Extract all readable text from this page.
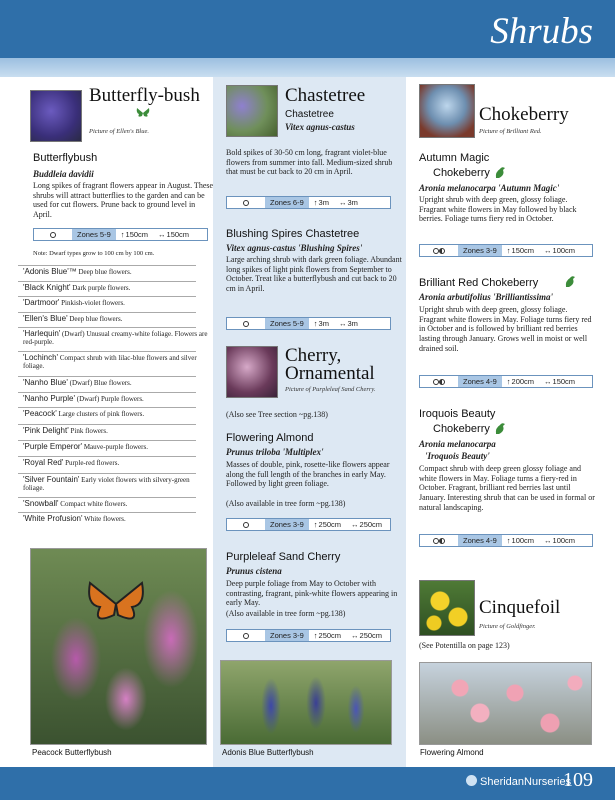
Shrubs
Butterfly-bush
Picture of Ellen's Blue.
Butterflybush
Buddleia davidii
Long spikes of fragrant flowers appear in August. These shrubs will attract butterflies to the garden and can be used for cut flowers. Prune back to ground level in April.
Zones 5-9	↑ 150cm	↔ 150cm
Note: Dwarf types grow to 100 cm by 100 cm.
'Adonis Blue'™ Deep blue flowers.
'Black Knight' Dark purple flowers.
'Dartmoor' Pinkish-violet flowers.
'Ellen's Blue' Deep blue flowers.
'Harlequin' (Dwarf) Unusual creamy-white foliage. Flowers are red-purple.
'Lochinch' Compact shrub with lilac-blue flowers and silver foliage.
'Nanho Blue' (Dwarf) Blue flowers.
'Nanho Purple' (Dwarf) Purple flowers.
'Peacock' Large clusters of pink flowers.
'Pink Delight' Pink flowers.
'Purple Emperor' Mauve-purple flowers.
'Royal Red' Purple-red flowers.
'Silver Fountain' Early violet flowers with silvery-green foliage.
'Snowball' Compact white flowers.
'White Profusion' White flowers.
Peacock Butterflybush
Chastetree
Chastetree
Vitex agnus-castus
Bold spikes of 30-50 cm long, fragrant violet-blue flowers from summer into fall. Medium-sized shrub that must be cut back to 20 cm in April.
Zones 6-9	↑ 3m	↔ 3m
Blushing Spires Chastetree
Vitex agnus-castus 'Blushing Spires'
Large arching shrub with dark green foliage. Abundant long spikes of light pink flowers from September to October. Treat like a butterflybush and cut back to 20 cm in April.
Zones 5-9	↑ 3m	↔ 3m
Cherry, Ornamental
Picture of Purpleleaf Sand Cherry.
(Also see Tree section ~pg.138)
Flowering Almond
Prunus triloba 'Multiplex'
Masses of double, pink, rosette-like flowers appear along the full length of the branches in early May. Followed by light green foliage.
(Also available in tree form ~pg.138)
Zones 3-9	↑ 250cm	↔ 250cm
Purpleleaf Sand Cherry
Prunus cistena
Deep purple foliage from May to October with contrasting, fragrant, pink-white flowers appearing in early May.
(Also available in tree form ~pg.138)
Zones 3-9	↑ 250cm	↔ 250cm
Adonis Blue Butterflybush
Chokeberry
Picture of Brilliant Red.
Autumn Magic
Chokeberry
Aronia melanocarpa 'Autumn Magic'
Upright shrub with deep green, glossy foliage. Fragrant white flowers in May followed by black berries. Foliage turns fiery red in October.
Zones 3-9	↑ 150cm	↔ 100cm
Brilliant Red Chokeberry
Aronia arbutifolius 'Brilliantissima'
Upright shrub with deep green, glossy foliage. Fragrant white flowers in May. Foliage turns fiery red in October and is followed by brilliant red berries lasting through January. Grows well in moist or well drained soil.
Zones 4-9	↑ 200cm	↔ 150cm
Iroquois Beauty
Chokeberry
Aronia melanocarpa
'Iroquois Beauty'
Compact shrub with deep green glossy foliage and white flowers in May. Foliage turns a fiery-red in October. Fragrant, brilliant red berries last until January. Interesting shrub that can be used in formal or natural landscaping.
Zones 4-9	↑ 100cm	↔ 100cm
Cinquefoil
Picture of Goldfinger.
(See Potentilla on page 123)
Flowering Almond
SheridanNurseries
109
